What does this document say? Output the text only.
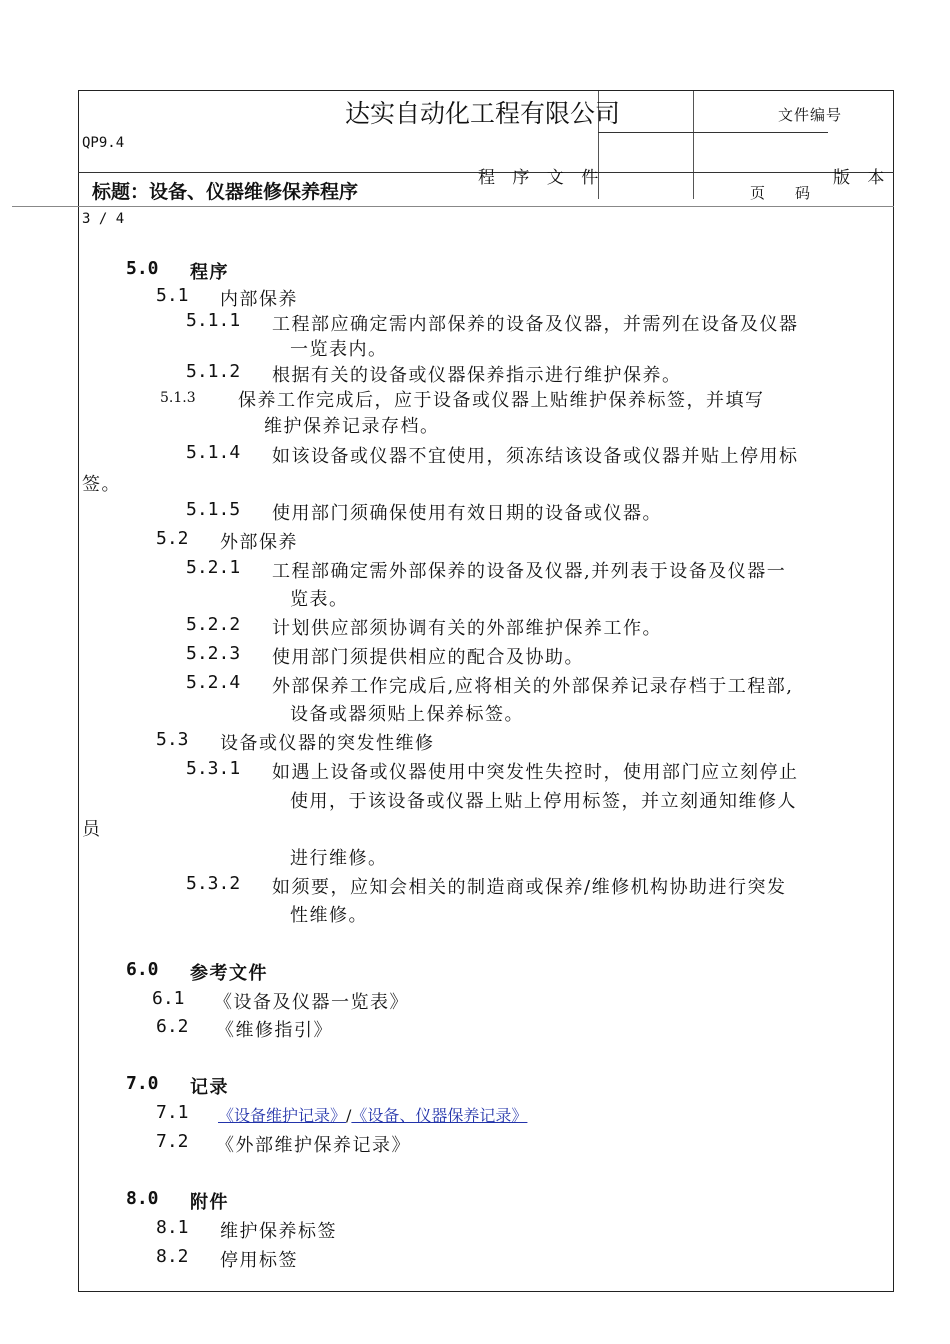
达实自动化工程有限公司	文件编号
QP9.4
程 序 文 件	版 本
标题：设备、仪器维修保养程序	页　　码
3 / 4
5.0 程序
5.1 内部保养
5.1.1 工程部应确定需内部保养的设备及仪器，并需列在设备及仪器
一览表内。
5.1.2 根据有关的设备或仪器保养指示进行维护保养。
5.1.3 保养工作完成后，应于设备或仪器上贴维护保养标签，并填写
维护保养记录存档。
5.1.4 如该设备或仪器不宜使用，须冻结该设备或仪器并贴上停用标
签。
5.1.5 使用部门须确保使用有效日期的设备或仪器。
5.2 外部保养
5.2.1 工程部确定需外部保养的设备及仪器,并列表于设备及仪器一
览表。
5.2.2 计划供应部须协调有关的外部维护保养工作。
5.2.3 使用部门须提供相应的配合及协助。
5.2.4 外部保养工作完成后,应将相关的外部保养记录存档于工程部,
设备或器须贴上保养标签。
5.3 设备或仪器的突发性维修
5.3.1 如遇上设备或仪器使用中突发性失控时，使用部门应立刻停止
使用，于该设备或仪器上贴上停用标签，并立刻通知维修人
员
进行维修。
5.3.2 如须要，应知会相关的制造商或保养/维修机构协助进行突发
性维修。
6.0 参考文件
6.1 《设备及仪器一览表》
6.2 《维修指引》
7.0 记录
7.1 《设备维护记录》/《设备、仪器保养记录》
7.2 《外部维护保养记录》
8.0 附件
8.1 维护保养标签
8.2 停用标签
